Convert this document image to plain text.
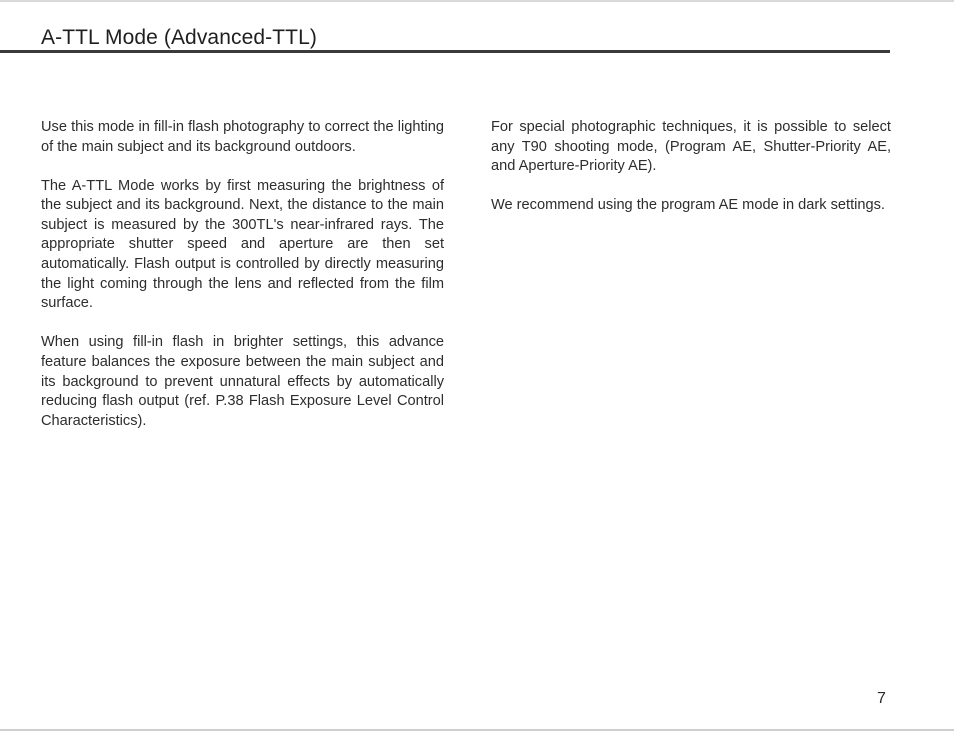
A-TTL Mode (Advanced-TTL)

Use this mode in fill-in flash photography to correct the lighting of the main subject and its background outdoors.

The A-TTL Mode works by first measuring the brightness of the subject and its background. Next, the distance to the main subject is measured by the 300TL's near-infrared rays. The appropriate shutter speed and aperture are then set automatically. Flash output is controlled by directly measuring the light coming through the lens and reflected from the film surface.

When using fill-in flash in brighter settings, this advance feature balances the exposure between the main subject and its background to prevent unnatural effects by automatically reducing flash output (ref. P.38 Flash Exposure Level Control Characteristics).

For special photographic techniques, it is possible to select any T90 shooting mode, (Program AE, Shutter-Priority AE, and Aperture-Priority AE).

We recommend using the program AE mode in dark settings.

7
